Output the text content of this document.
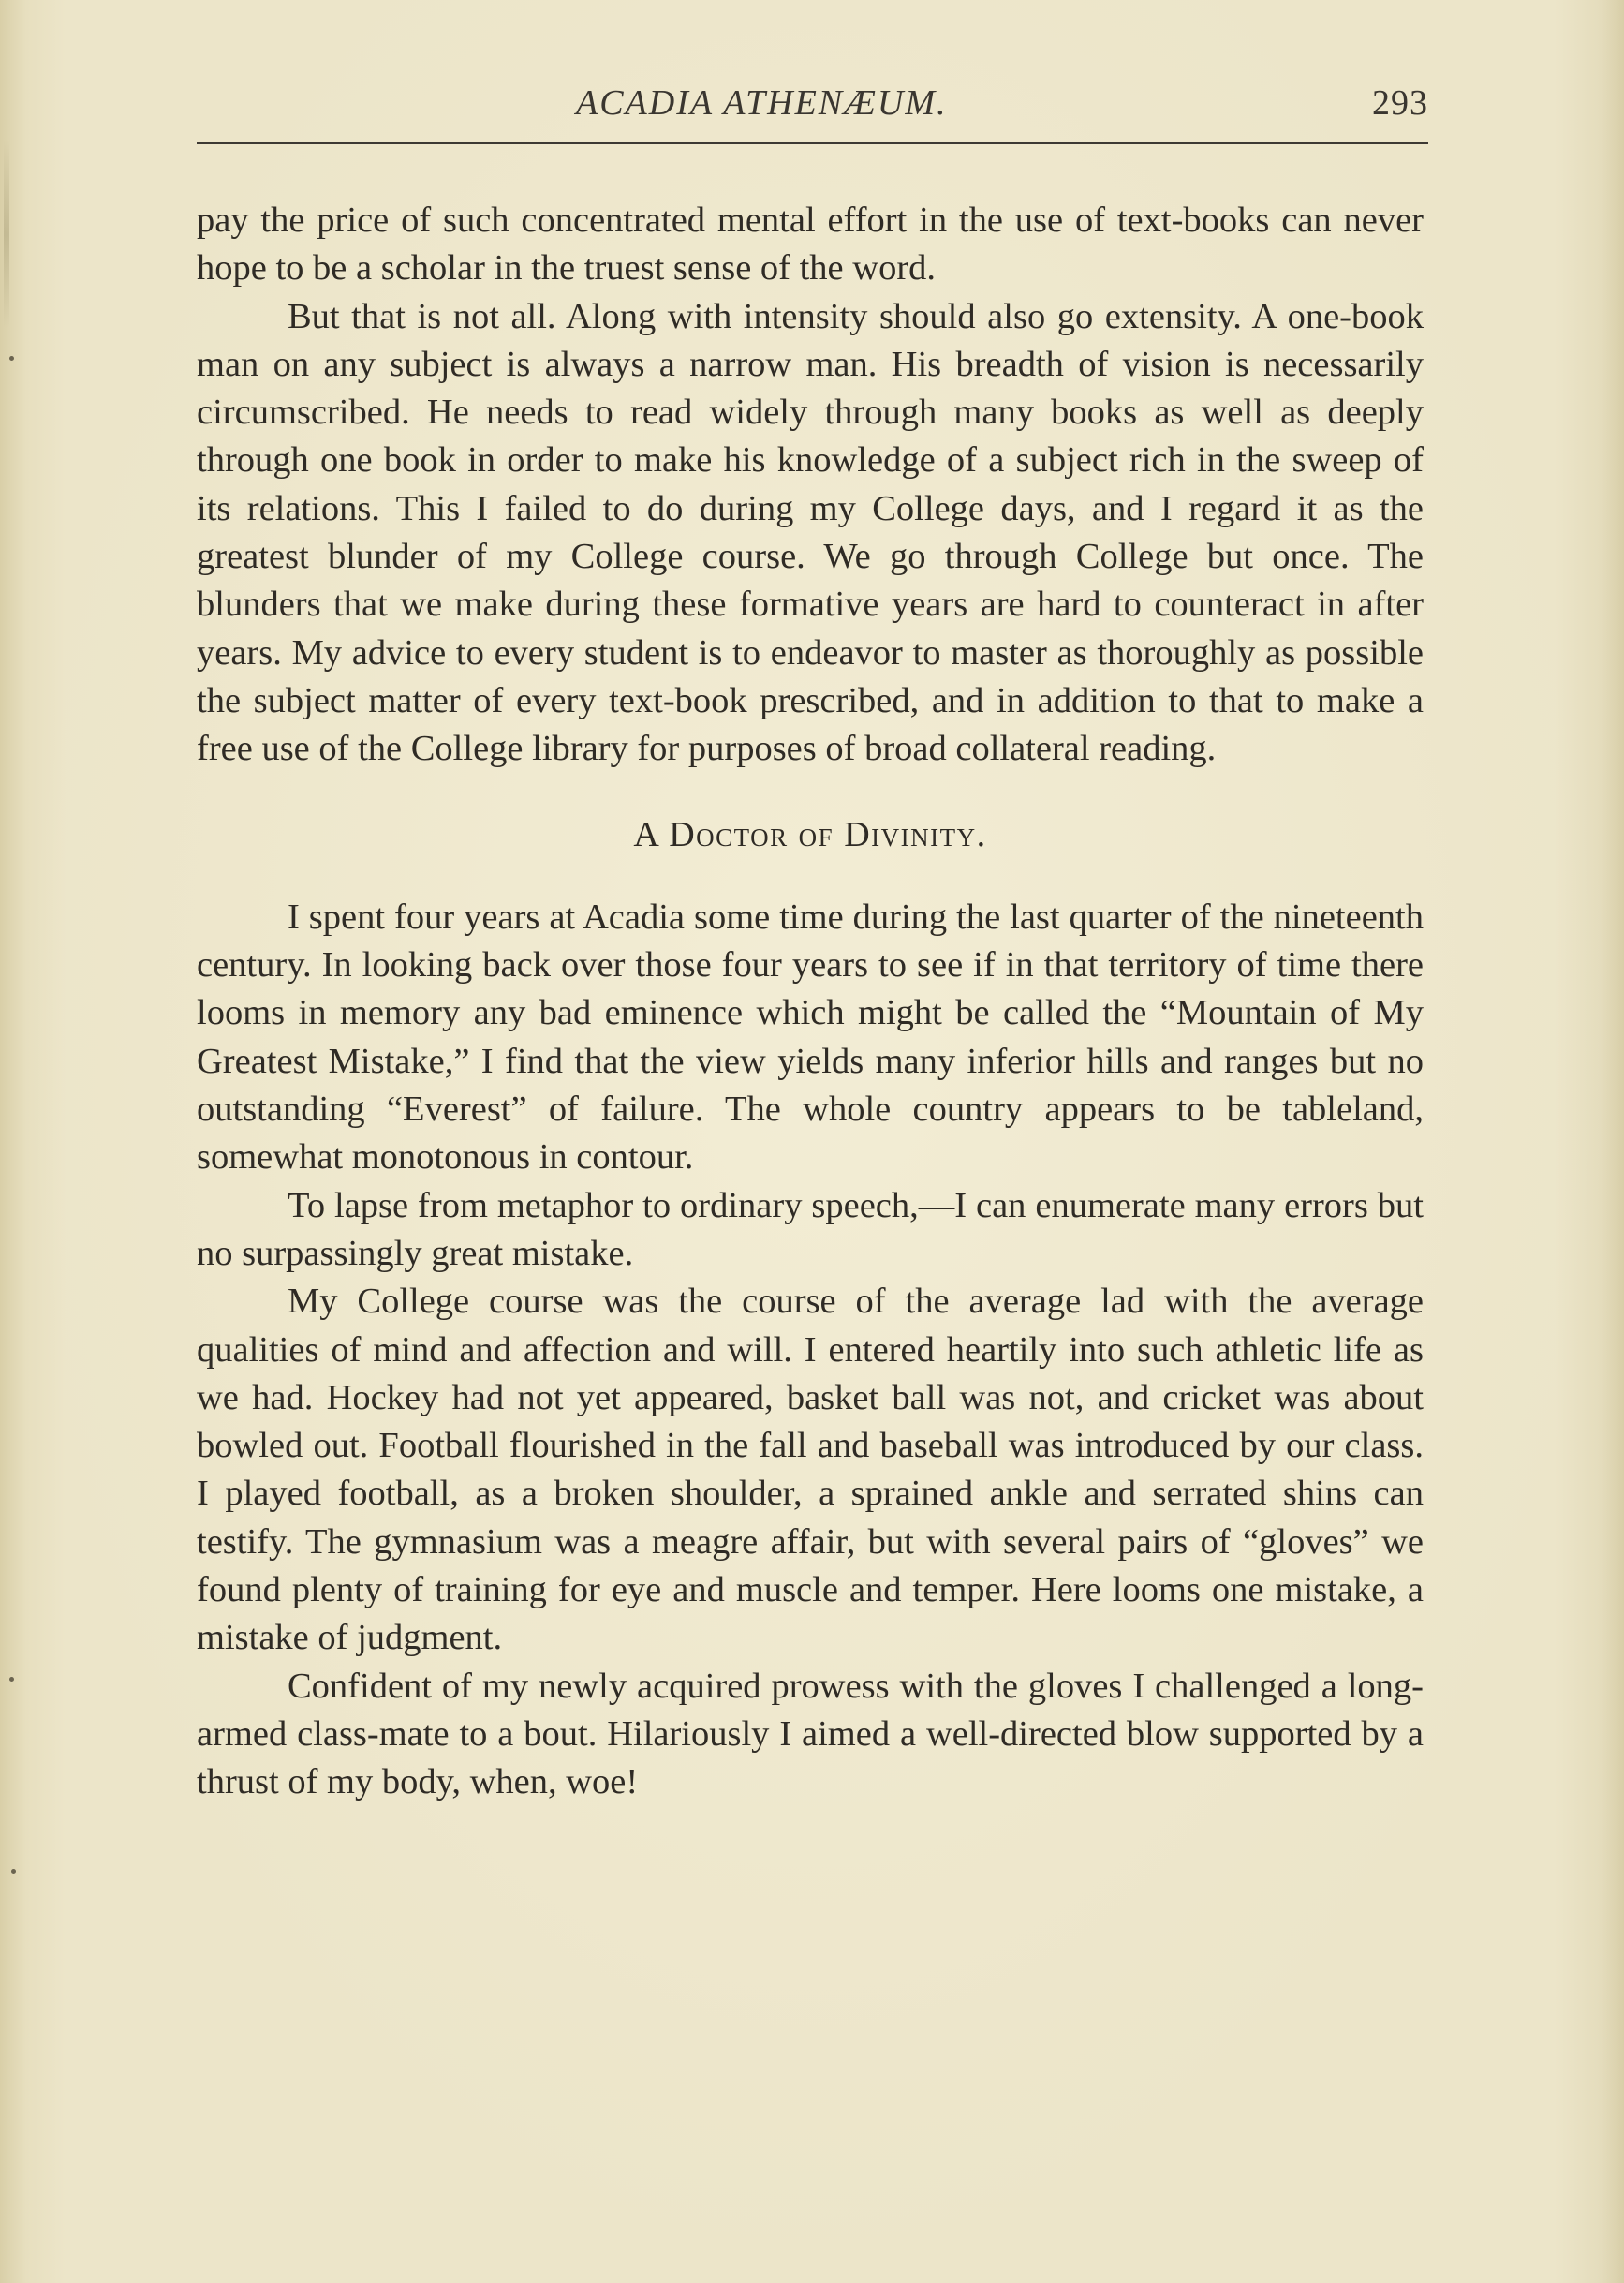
ACADIA ATHENÆUM.	293

pay the price of such concentrated mental effort in the use of text-books can never hope to be a scholar in the truest sense of the word.

But that is not all. Along with intensity should also go extensity. A one-book man on any subject is always a narrow man. His breadth of vision is necessarily circumscribed. He needs to read widely through many books as well as deeply through one book in order to make his knowledge of a subject rich in the sweep of its relations. This I failed to do during my College days, and I regard it as the greatest blunder of my College course. We go through College but once. The blunders that we make during these formative years are hard to counteract in after years. My advice to every student is to endeavor to master as thoroughly as possible the subject matter of every text-book prescribed, and in addition to that to make a free use of the College library for purposes of broad collateral reading.

A Doctor of Divinity.

I spent four years at Acadia some time during the last quarter of the nineteenth century. In looking back over those four years to see if in that territory of time there looms in memory any bad eminence which might be called the “Mountain of My Greatest Mistake,” I find that the view yields many inferior hills and ranges but no outstanding “Everest” of failure. The whole country appears to be tableland, somewhat monotonous in contour.

To lapse from metaphor to ordinary speech,—I can enumerate many errors but no surpassingly great mistake.

My College course was the course of the average lad with the average qualities of mind and affection and will. I entered heartily into such athletic life as we had. Hockey had not yet appeared, basket ball was not, and cricket was about bowled out. Football flourished in the fall and baseball was introduced by our class. I played football, as a broken shoulder, a sprained ankle and serrated shins can testify. The gymnasium was a meagre affair, but with several pairs of “gloves” we found plenty of training for eye and muscle and temper. Here looms one mistake, a mistake of judgment.

Confident of my newly acquired prowess with the gloves I challenged a long-armed class-mate to a bout. Hilariously I aimed a well-directed blow supported by a thrust of my body, when, woe!
